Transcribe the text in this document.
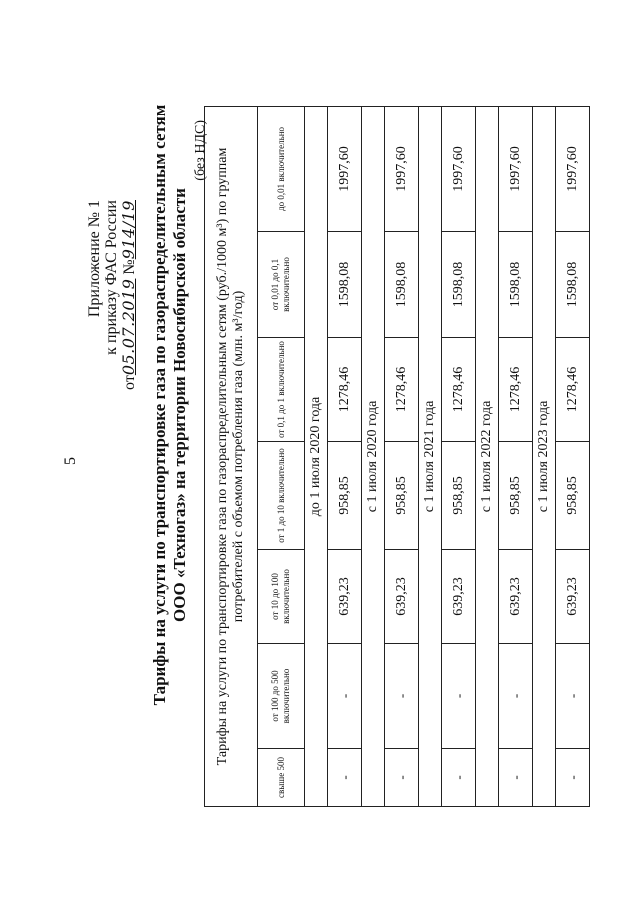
5
Приложение № 1 к приказу ФАС России
от05.07.2019 №914/19 Тарифы на услуги по транспортировке газа по газораспределительным сетям ООО «Техногаз» на территории Новосибирской области
(без НДС) Тарифы на услуги по транспортировке газа по газораспределительным сетям (руб./1000 м³) по группам потребителей с объемом потребления газа (млн. м³/год)						
свыше 500	от 100 до 500 включительно	от 10 до 100 включительно	от 1 до 10 включительно	от 0,1 до 1 включительно	от 0,01 до 0,1 включительно	до 0,01 включительно
до 1 июля 2020 года						
-	-	639,23	958,85	1278,46	1598,08	1997,60
с 1 июля 2020 года						
-	-	639,23	958,85	1278,46	1598,08	1997,60
с 1 июля 2021 года						
-	-	639,23	958,85	1278,46	1598,08	1997,60
с 1 июля 2022 года						
-	-	639,23	958,85	1278,46	1598,08	1997,60
с 1 июля 2023 года						
-	-	639,23	958,85	1278,46	1598,08	1997,60
